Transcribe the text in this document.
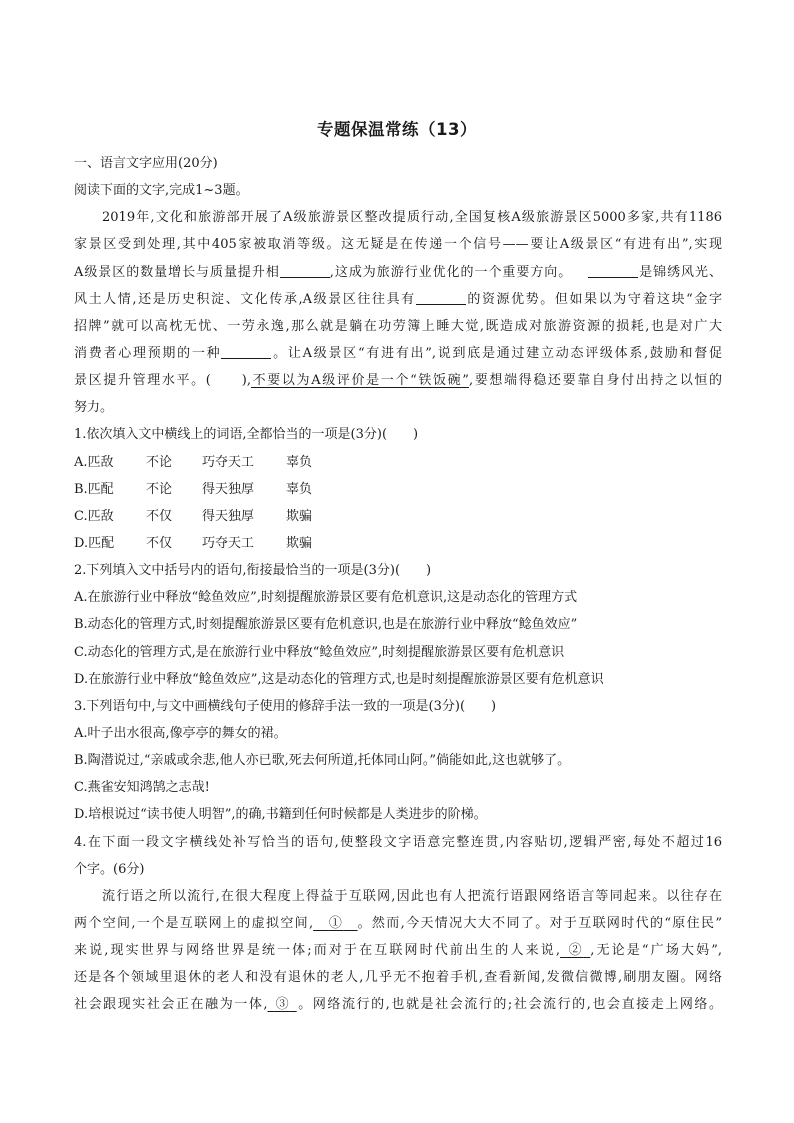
专题保温常练（13）
一、语言文字应用(20分)
阅读下面的文字,完成1~3题。
2019年,文化和旅游部开展了A级旅游景区整改提质行动,全国复核A级旅游景区5000多家,共有1186
家景区受到处理,其中405家被取消等级。这无疑是在传递一个信号——要让A级景区“有进有出”,实现
A级景区的数量增长与质量提升相	,这成为旅游行业优化的一个重要方向。	是锦绣风光、
风土人情,还是历史积淀、文化传承,A级景区往往具有	的资源优势。但如果以为守着这块“金字
招牌”就可以高枕无忧、一劳永逸,那么就是躺在功劳簿上睡大觉,既造成对旅游资源的损耗,也是对广大
消费者心理预期的一种	。让A级景区“有进有出”,说到底是通过建立动态评级体系,鼓励和督促
景区提升管理水平。(　　),不要以为A级评价是一个“铁饭碗”,要想端得稳还要靠自身付出持之以恒的
努力。
1.依次填入文中横线上的词语,全都恰当的一项是(3分)(　　)
A.匹敌 不论 巧夺天工 辜负
B.匹配 不论 得天独厚 辜负
C.匹敌 不仅 得天独厚 欺骗
D.匹配 不仅 巧夺天工 欺骗
2.下列填入文中括号内的语句,衔接最恰当的一项是(3分)(　　)
A.在旅游行业中释放“鲶鱼效应”,时刻提醒旅游景区要有危机意识,这是动态化的管理方式
B.动态化的管理方式,时刻提醒旅游景区要有危机意识,也是在旅游行业中释放“鲶鱼效应”
C.动态化的管理方式,是在旅游行业中释放“鲶鱼效应”,时刻提醒旅游景区要有危机意识
D.在旅游行业中释放“鲶鱼效应”,这是动态化的管理方式,也是时刻提醒旅游景区要有危机意识
3.下列语句中,与文中画横线句子使用的修辞手法一致的一项是(3分)(　　)
A.叶子出水很高,像亭亭的舞女的裙。
B.陶潜说过,“亲戚或余悲,他人亦已歌,死去何所道,托体同山阿。”倘能如此,这也就够了。
C.燕雀安知鸿鹄之志哉!
D.培根说过“读书使人明智”,的确,书籍到任何时候都是人类进步的阶梯。
4.在下面一段文字横线处补写恰当的语句,使整段文字语意完整连贯,内容贴切,逻辑严密,每处不超过16
个字。(6分)
流行语之所以流行,在很大程度上得益于互联网,因此也有人把流行语跟网络语言等同起来。以往存在
两个空间,一个是互联网上的虚拟空间,　 ①　 。然而,今天情况大大不同了。对于互联网时代的“原住民”
来说,现实世界与网络世界是统一体;而对于在互联网时代前出生的人来说,  ②  ,无论是“广场大妈”,
还是各个领域里退休的老人和没有退休的老人,几乎无不抱着手机,查看新闻,发微信微博,刷朋友圈。网络
社会跟现实社会正在融为一体,  ③  。网络流行的,也就是社会流行的;社会流行的,也会直接走上网络。
